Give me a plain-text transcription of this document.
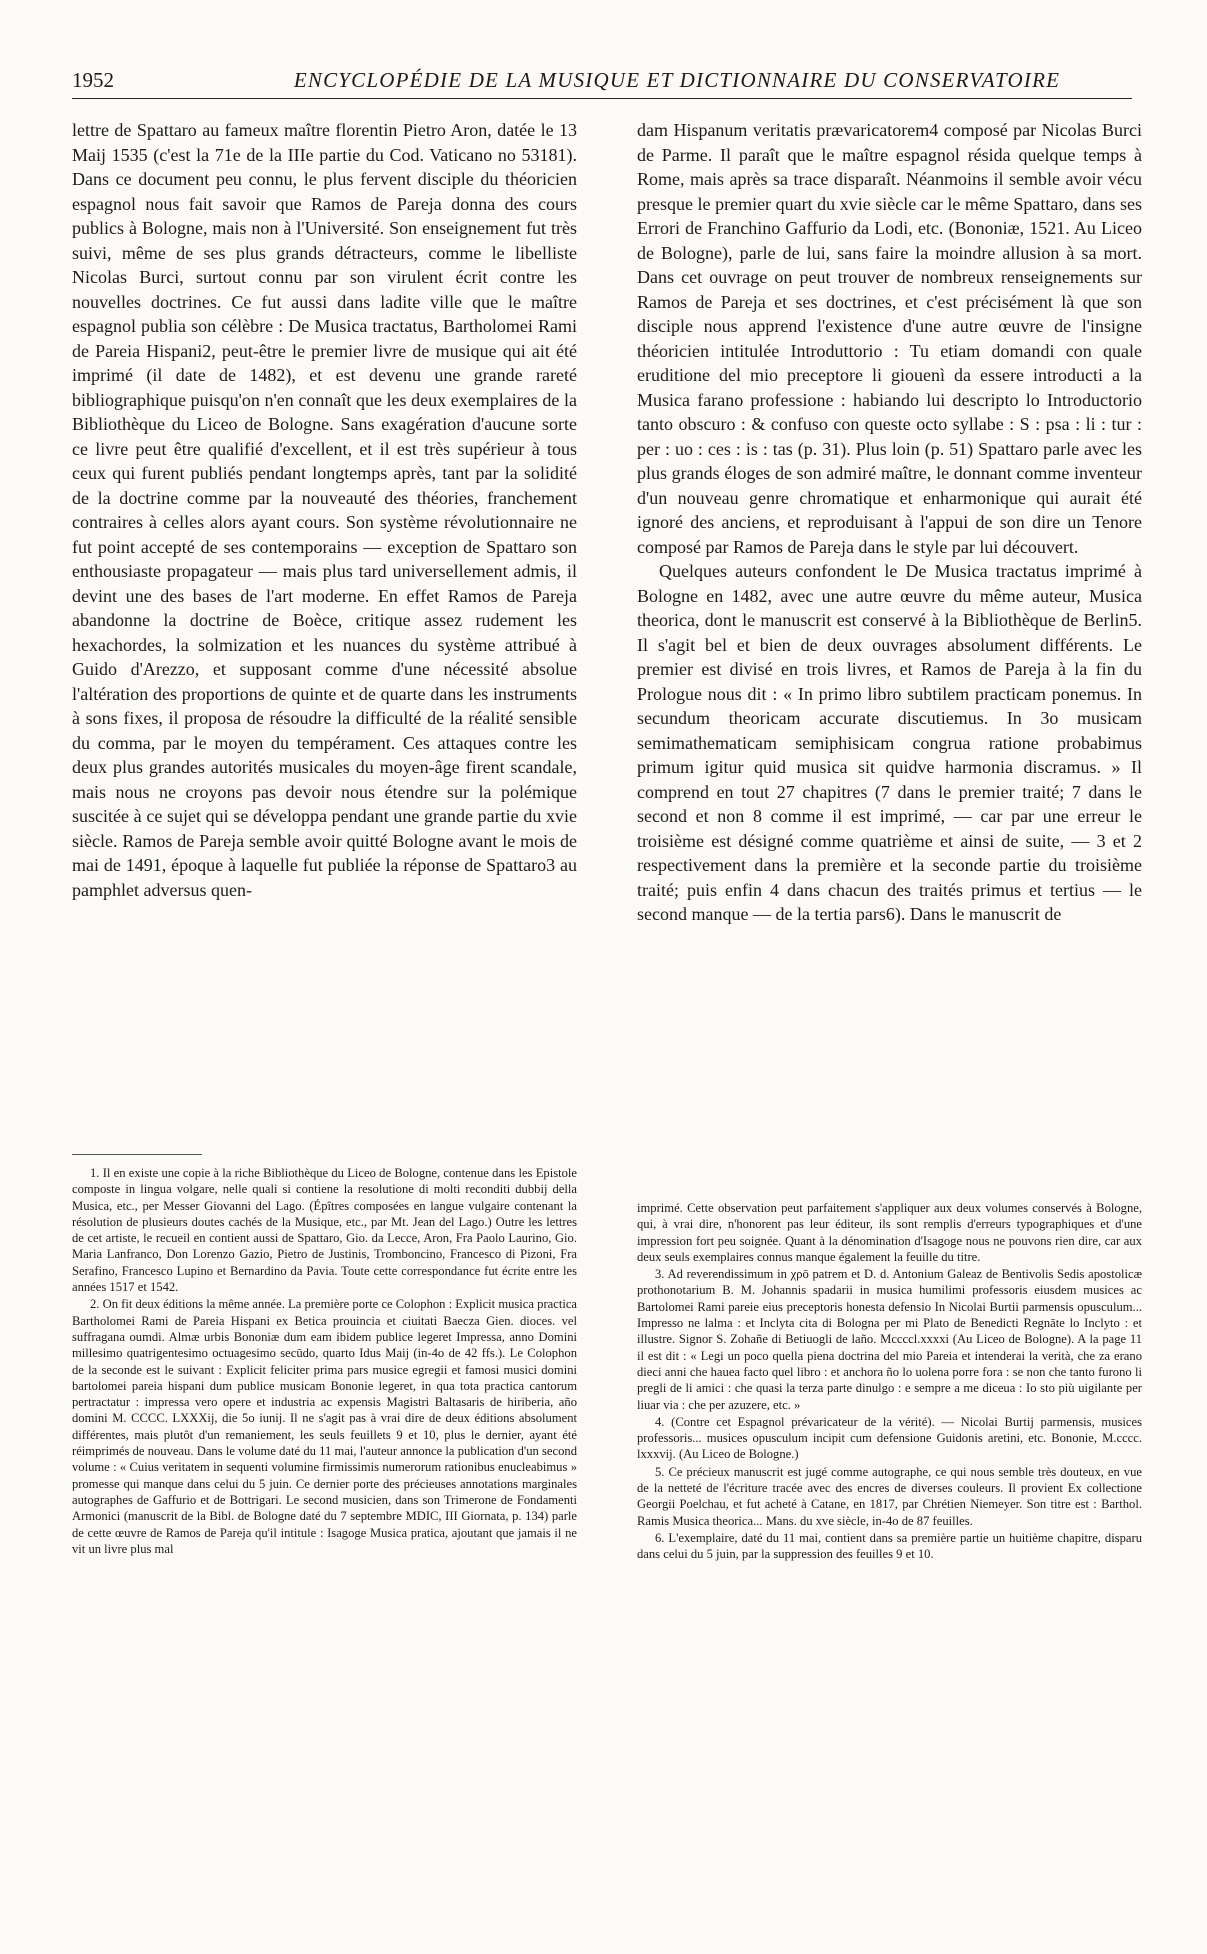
1952	ENCYCLOPÉDIE DE LA MUSIQUE ET DICTIONNAIRE DU CONSERVATOIRE

lettre de Spattaro au fameux maître florentin Pietro Aron, datée le 13 Maij 1535 (c'est la 71e de la IIIe partie du Cod. Vaticano no 53181). Dans ce document peu connu, le plus fervent disciple du théoricien espagnol nous fait savoir que Ramos de Pareja donna des cours publics à Bologne, mais non à l'Université. Son enseignement fut très suivi, même de ses plus grands détracteurs, comme le libelliste Nicolas Burci, surtout connu par son virulent écrit contre les nouvelles doctrines. Ce fut aussi dans ladite ville que le maître espagnol publia son célèbre : De Musica tractatus, Bartholomei Rami de Pareia Hispani2, peut-être le premier livre de musique qui ait été imprimé (il date de 1482), et est devenu une grande rareté bibliographique puisqu'on n'en connaît que les deux exemplaires de la Bibliothèque du Liceo de Bologne. Sans exagération d'aucune sorte ce livre peut être qualifié d'excellent, et il est très supérieur à tous ceux qui furent publiés pendant longtemps après, tant par la solidité de la doctrine comme par la nouveauté des théories, franchement contraires à celles alors ayant cours. Son système révolutionnaire ne fut point accepté de ses contemporains — exception de Spattaro son enthousiaste propagateur — mais plus tard universellement admis, il devint une des bases de l'art moderne. En effet Ramos de Pareja abandonne la doctrine de Boèce, critique assez rudement les hexachordes, la solmization et les nuances du système attribué à Guido d'Arezzo, et supposant comme d'une nécessité absolue l'altération des proportions de quinte et de quarte dans les instruments à sons fixes, il proposa de résoudre la difficulté de la réalité sensible du comma, par le moyen du tempérament. Ces attaques contre les deux plus grandes autorités musicales du moyen-âge firent scandale, mais nous ne croyons pas devoir nous étendre sur la polémique suscitée à ce sujet qui se développa pendant une grande partie du xvie siècle. Ramos de Pareja semble avoir quitté Bologne avant le mois de mai de 1491, époque à laquelle fut publiée la réponse de Spattaro3 au pamphlet adversus quen-

dam Hispanum veritatis prævaricatorem4 composé par Nicolas Burci de Parme. Il paraît que le maître espagnol résida quelque temps à Rome, mais après sa trace disparaît. Néanmoins il semble avoir vécu presque le premier quart du xvie siècle car le même Spattaro, dans ses Errori de Franchino Gaffurio da Lodi, etc. (Bononiæ, 1521. Au Liceo de Bologne), parle de lui, sans faire la moindre allusion à sa mort. Dans cet ouvrage on peut trouver de nombreux renseignements sur Ramos de Pareja et ses doctrines, et c'est précisément là que son disciple nous apprend l'existence d'une autre œuvre de l'insigne théoricien intitulée Introduttorio : Tu etiam domandi con quale eruditione del mio preceptore li giouenì da essere introducti a la Musica farano professione : habiando lui descripto lo Introductorio tanto obscuro : & confuso con queste octo syllabe : S : psa : li : tur : per : uo : ces : is : tas (p. 31). Plus loin (p. 51) Spattaro parle avec les plus grands éloges de son admiré maître, le donnant comme inventeur d'un nouveau genre chromatique et enharmonique qui aurait été ignoré des anciens, et reproduisant à l'appui de son dire un Tenore composé par Ramos de Pareja dans le style par lui découvert.

Quelques auteurs confondent le De Musica tractatus imprimé à Bologne en 1482, avec une autre œuvre du même auteur, Musica theorica, dont le manuscrit est conservé à la Bibliothèque de Berlin5. Il s'agit bel et bien de deux ouvrages absolument différents. Le premier est divisé en trois livres, et Ramos de Pareja à la fin du Prologue nous dit : « In primo libro subtilem practicam ponemus. In secundum theoricam accurate discutiemus. In 3o musicam semimathematicam semiphisicam congrua ratione probabimus primum igitur quid musica sit quidve harmonia discramus. » Il comprend en tout 27 chapitres (7 dans le premier traité; 7 dans le second et non 8 comme il est imprimé, — car par une erreur le troisième est désigné comme quatrième et ainsi de suite, — 3 et 2 respectivement dans la première et la seconde partie du troisième traité; puis enfin 4 dans chacun des traités primus et tertius — le second manque — de la tertia pars6). Dans le manuscrit de

1. Il en existe une copie à la riche Bibliothèque du Liceo de Bologne, contenue dans les Epistole composte in lingua volgare, nelle quali si contiene la resolutione di molti reconditi dubbij della Musica, etc., per Messer Giovanni del Lago. (Épîtres composées en langue vulgaire contenant la résolution de plusieurs doutes cachés de la Musique, etc., par Mt. Jean del Lago.) Outre les lettres de cet artiste, le recueil en contient aussi de Spattaro, Gio. da Lecce, Aron, Fra Paolo Laurino, Gio. Maria Lanfranco, Don Lorenzo Gazio, Pietro de Justinis, Tromboncino, Francesco di Pizoni, Fra Serafino, Francesco Lupino et Bernardino da Pavia. Toute cette correspondance fut écrite entre les années 1517 et 1542.

2. On fit deux éditions la même année. La première porte ce Colophon : Explicit musica practica Bartholomei Rami de Pareia Hispani ex Betica prouincia et ciuitati Baecza Gien. dioces. vel suffragana oumdi. Almæ urbis Bononiæ dum eam ibidem publice legeret Impressa, anno Domini millesimo quatrigentesimo octuagesimo secūdo, quarto Idus Maij (in-4o de 42 ffs.). Le Colophon de la seconde est le suivant : Explicit feliciter prima pars musice egregii et famosi musici domini bartolomei pareia hispani dum publice musicam Bononie legeret, in qua tota practica cantorum pertractatur : impressa vero opere et industria ac expensis Magistri Baltasaris de hiriberia, año domini M. CCCC. LXXXij, die 5o iunij. Il ne s'agit pas à vrai dire de deux éditions absolument différentes, mais plutôt d'un remaniement, les seuls feuillets 9 et 10, plus le dernier, ayant été réimprimés de nouveau. Dans le volume daté du 11 mai, l'auteur annonce la publication d'un second volume : « Cuius veritatem in sequenti volumine firmissimis numerorum rationibus enucleabimus » promesse qui manque dans celui du 5 juin. Ce dernier porte des précieuses annotations marginales autographes de Gaffurio et de Bottrigari. Le second musicien, dans son Trimerone de Fondamenti Armonici (manuscrit de la Bibl. de Bologne daté du 7 septembre MDIC, III Giornata, p. 134) parle de cette œuvre de Ramos de Pareja qu'il intitule : Isagoge Musica pratica, ajoutant que jamais il ne vit un livre plus mal

imprimé. Cette observation peut parfaitement s'appliquer aux deux volumes conservés à Bologne, qui, à vrai dire, n'honorent pas leur éditeur, ils sont remplis d'erreurs typographiques et d'une impression fort peu soignée. Quant à la dénomination d'Isagoge nous ne pouvons rien dire, car aux deux seuls exemplaires connus manque également la feuille du titre.

3. Ad reverendissimum in χρō patrem et D. d. Antonium Galeaz de Bentivolis Sedis apostolicæ prothonotarium B. M. Johannis spadarii in musica humilimi professoris eiusdem musices ac Bartolomei Rami pareie eius preceptoris honesta defensio In Nicolai Burtii parmensis opusculum... Impresso ne lalma : et Inclyta cita di Bologna per mi Plato de Benedicti Regnāte lo Inclyto : et illustre. Signor S. Zohañe di Betiuogli de laño. Mccccl.xxxxi (Au Liceo de Bologne). A la page 11 il est dit : « Legi un poco quella piena doctrina del mio Pareia et intenderai la verità, che za erano dieci anni che hauea facto quel libro : et anchora ño lo uolena porre fora : se non che tanto furono li pregli de li amici : che quasi la terza parte dinulgo : e sempre a me diceua : Io sto più uigilante per liuar via : che per azuzere, etc. »

4. (Contre cet Espagnol prévaricateur de la vérité). — Nicolai Burtij parmensis, musices professoris... musices opusculum incipit cum defensione Guidonis aretini, etc. Bononie, M.cccc. lxxxvij. (Au Liceo de Bologne.)

5. Ce précieux manuscrit est jugé comme autographe, ce qui nous semble très douteux, en vue de la netteté de l'écriture tracée avec des encres de diverses couleurs. Il provient Ex collectione Georgii Poelchau, et fut acheté à Catane, en 1817, par Chrétien Niemeyer. Son titre est : Barthol. Ramis Musica theorica... Mans. du xve siècle, in-4o de 87 feuilles.

6. L'exemplaire, daté du 11 mai, contient dans sa première partie un huitième chapitre, disparu dans celui du 5 juin, par la suppression des feuilles 9 et 10.
